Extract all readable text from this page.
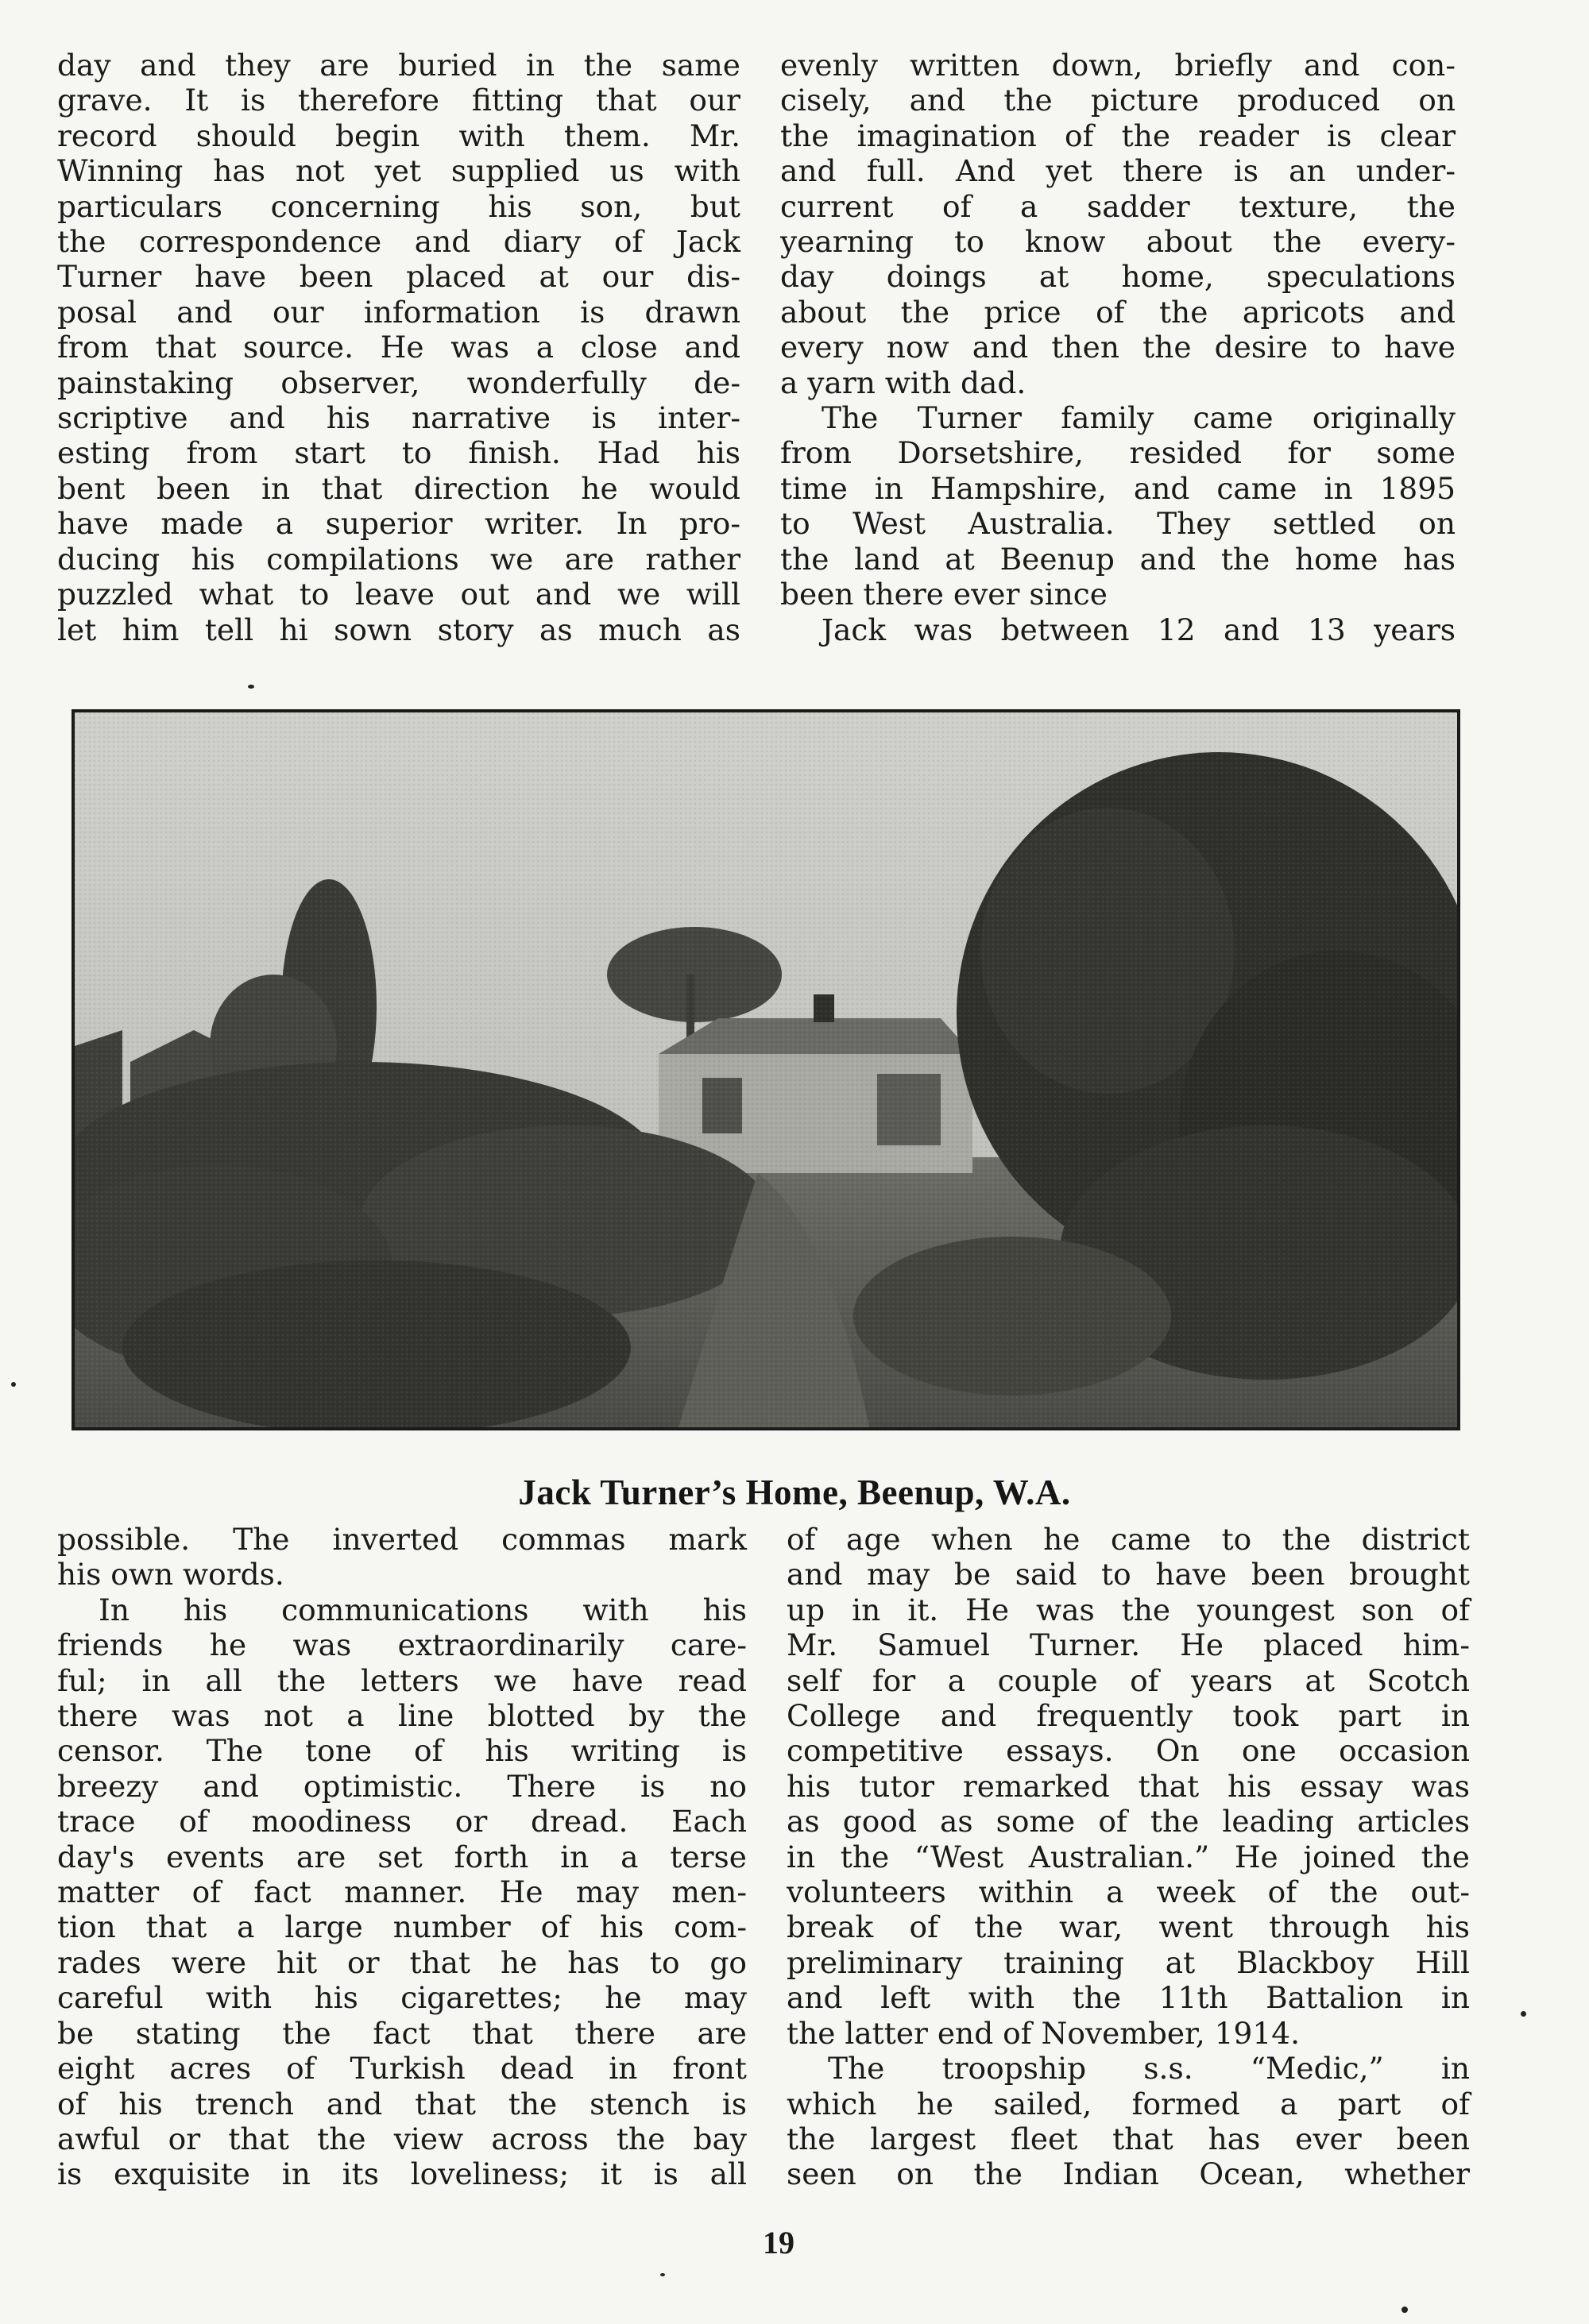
day and they are buried in the same
grave. It is therefore fitting that our
record should begin with them. Mr.
Winning has not yet supplied us with
particulars concerning his son, but
the correspondence and diary of Jack
Turner have been placed at our dis-
posal and our information is drawn
from that source. He was a close and
painstaking observer, wonderfully de-
scriptive and his narrative is inter-
esting from start to finish. Had his
bent been in that direction he would
have made a superior writer. In pro-
ducing his compilations we are rather
puzzled what to leave out and we will
let him tell hi sown story as much as
evenly written down, briefly and con-
cisely, and the picture produced on
the imagination of the reader is clear
and full. And yet there is an under-
current of a sadder texture, the
yearning to know about the every-
day doings at home, speculations
about the price of the apricots and
every now and then the desire to have
a yarn with dad.
The Turner family came originally
from Dorsetshire, resided for some
time in Hampshire, and came in 1895
to West Australia. They settled on
the land at Beenup and the home has
been there ever since
Jack was between 12 and 13 years
Jack Turner’s Home, Beenup, W.A.
possible. The inverted commas mark
his own words.
In his communications with his
friends he was extraordinarily care-
ful; in all the letters we have read
there was not a line blotted by the
censor. The tone of his writing is
breezy and optimistic. There is no
trace of moodiness or dread. Each
day's events are set forth in a terse
matter of fact manner. He may men-
tion that a large number of his com-
rades were hit or that he has to go
careful with his cigarettes; he may
be stating the fact that there are
eight acres of Turkish dead in front
of his trench and that the stench is
awful or that the view across the bay
is exquisite in its loveliness; it is all
of age when he came to the district
and may be said to have been brought
up in it. He was the youngest son of
Mr. Samuel Turner. He placed him-
self for a couple of years at Scotch
College and frequently took part in
competitive essays. On one occasion
his tutor remarked that his essay was
as good as some of the leading articles
in the “West Australian.” He joined the
volunteers within a week of the out-
break of the war, went through his
preliminary training at Blackboy Hill
and left with the 11th Battalion in
the latter end of November, 1914.
The troopship s.s. “Medic,” in
which he sailed, formed a part of
the largest fleet that has ever been
seen on the Indian Ocean, whether
19
